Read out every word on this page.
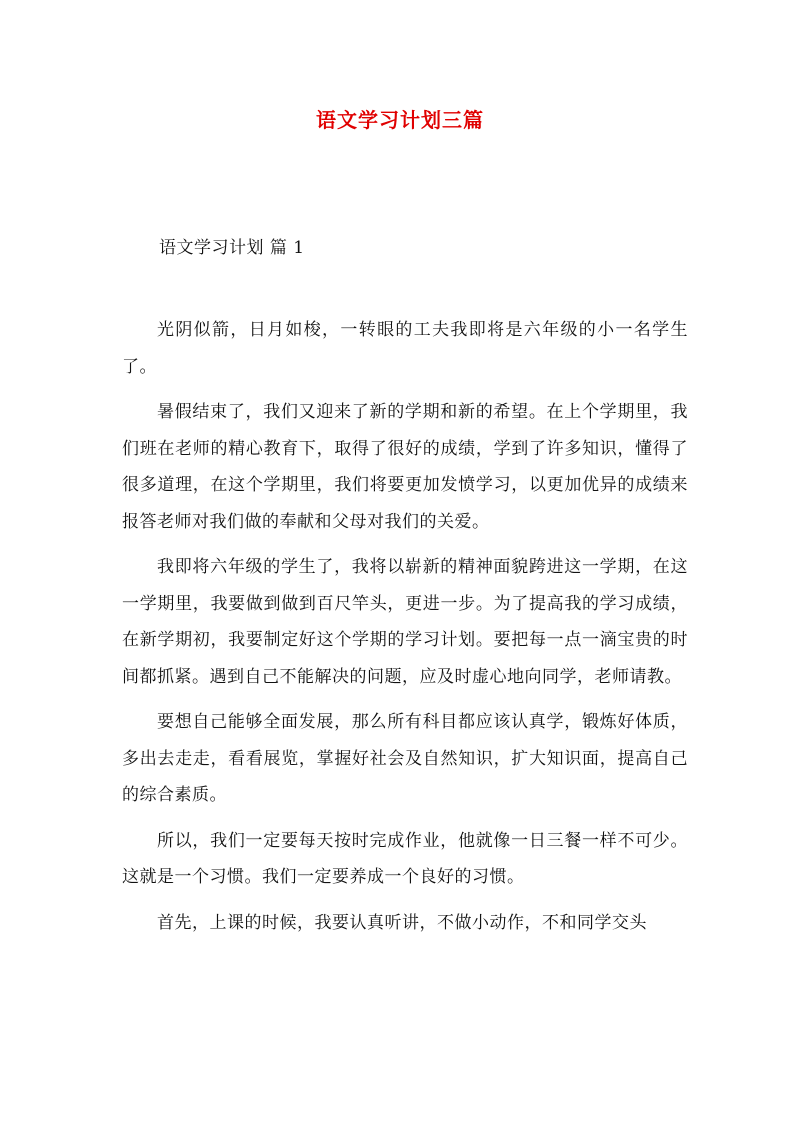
语文学习计划三篇
语文学习计划 篇 1

光阴似箭，日月如梭，一转眼的工夫我即将是六年级的小一名学生了。

暑假结束了，我们又迎来了新的学期和新的希望。在上个学期里，我们班在老师的精心教育下，取得了很好的成绩，学到了许多知识，懂得了很多道理，在这个学期里，我们将要更加发愤学习，以更加优异的成绩来报答老师对我们做的奉献和父母对我们的关爱。

我即将六年级的学生了，我将以崭新的精神面貌跨进这一学期，在这一学期里，我要做到做到百尺竿头，更进一步。为了提高我的学习成绩，在新学期初，我要制定好这个学期的学习计划。要把每一点一滴宝贵的时间都抓紧。遇到自己不能解决的问题，应及时虚心地向同学，老师请教。

要想自己能够全面发展，那么所有科目都应该认真学，锻炼好体质，多出去走走，看看展览，掌握好社会及自然知识，扩大知识面，提高自己的综合素质。

所以，我们一定要每天按时完成作业，他就像一日三餐一样不可少。这就是一个习惯。我们一定要养成一个良好的习惯。

首先，上课的时候，我要认真听讲，不做小动作，不和同学交头
